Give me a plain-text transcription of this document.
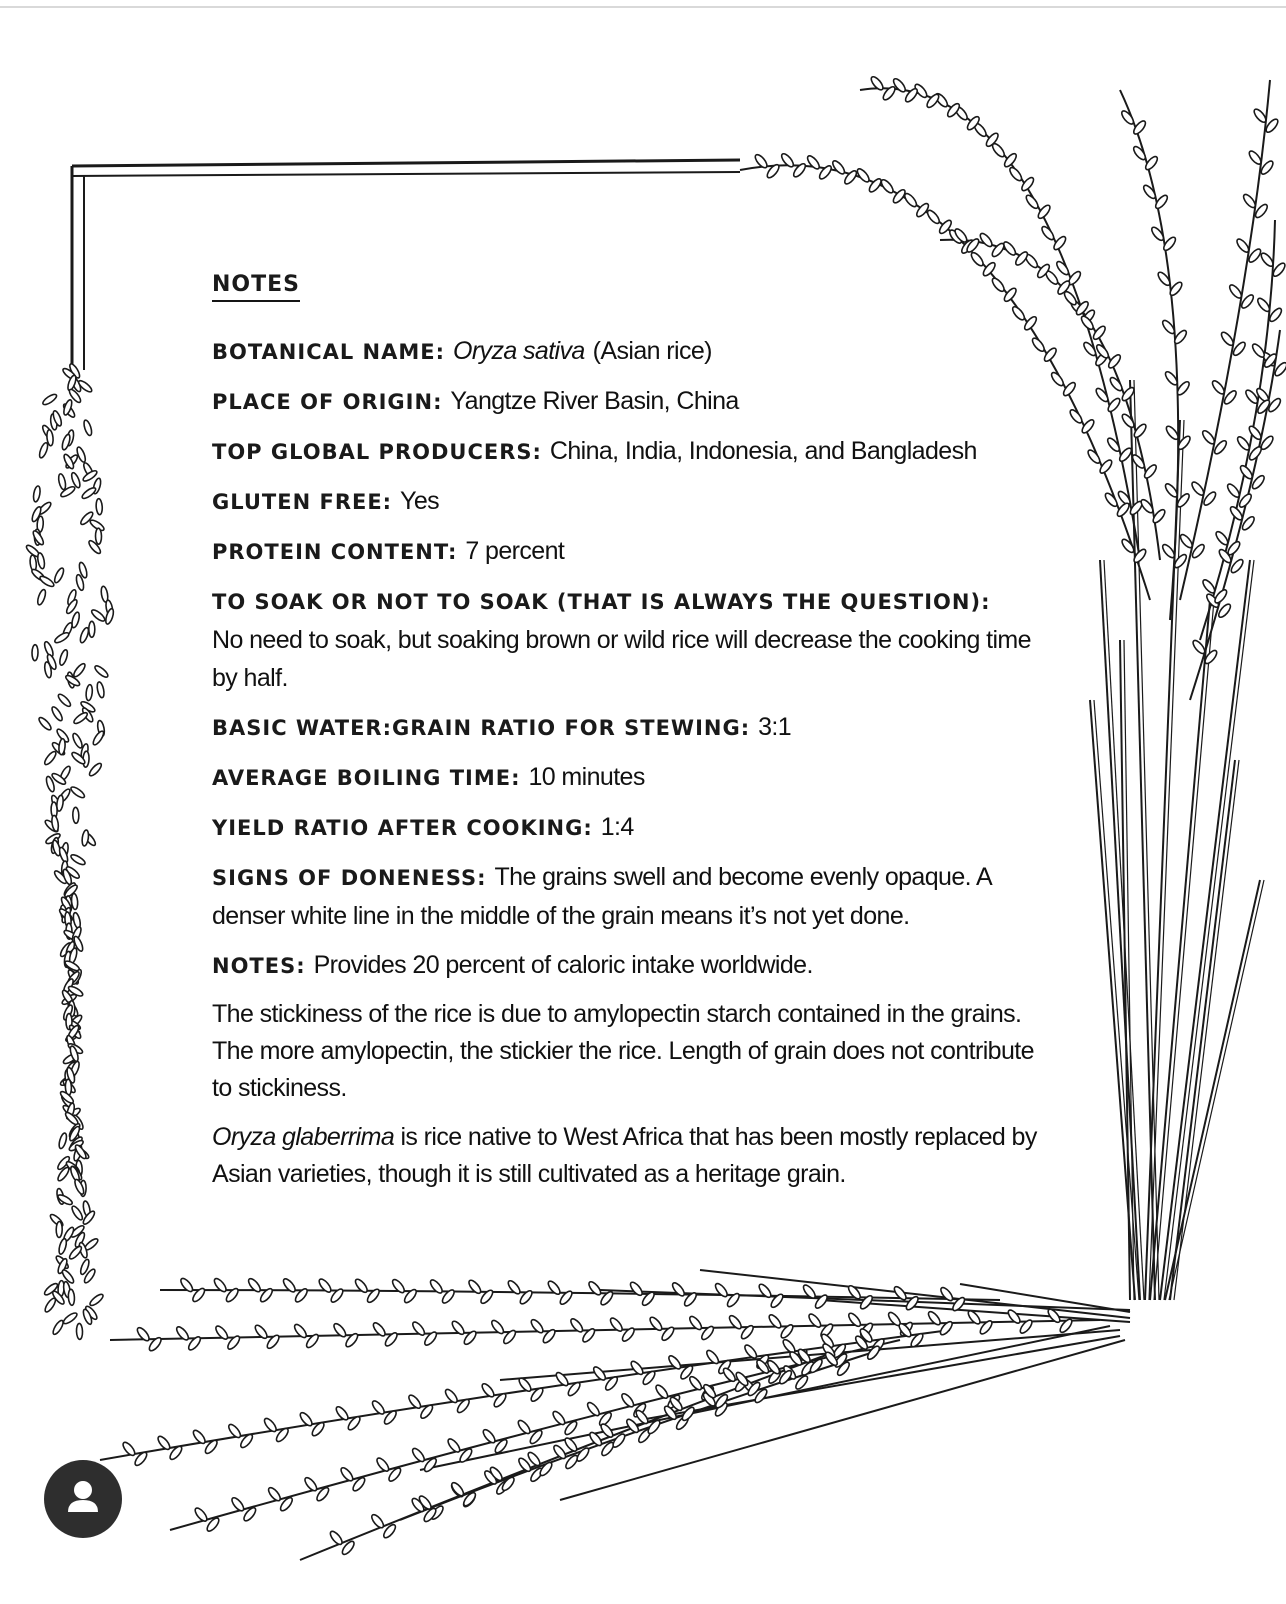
NOTES
BOTANICAL NAME: Oryza sativa (Asian rice)
PLACE OF ORIGIN: Yangtze River Basin, China
TOP GLOBAL PRODUCERS: China, India, Indonesia, and Bangladesh
GLUTEN FREE: Yes
PROTEIN CONTENT: 7 percent
TO SOAK OR NOT TO SOAK (THAT IS ALWAYS THE QUESTION):
No need to soak, but soaking brown or wild rice will decrease the cooking time by half.
BASIC WATER:GRAIN RATIO FOR STEWING: 3:1
AVERAGE BOILING TIME: 10 minutes
YIELD RATIO AFTER COOKING: 1:4
SIGNS OF DONENESS: The grains swell and become evenly opaque. A denser white line in the middle of the grain means it’s not yet done.
NOTES: Provides 20 percent of caloric intake worldwide.

The stickiness of the rice is due to amylopectin starch contained in the grains. The more amylopectin, the stickier the rice. Length of grain does not contribute to stickiness.

Oryza glaberrima is rice native to West Africa that has been mostly replaced by Asian varieties, though it is still cultivated as a heritage grain.
